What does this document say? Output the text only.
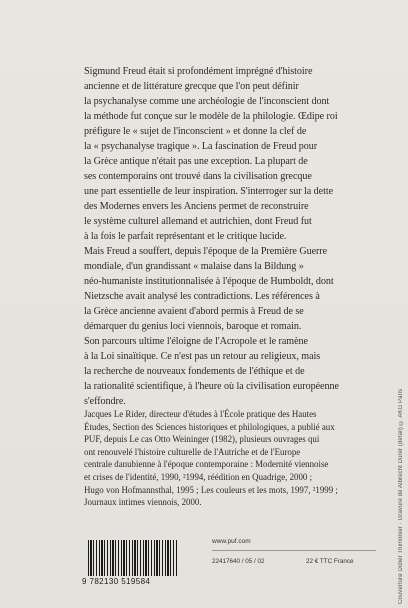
Sigmund Freud était si profondément imprégné d'histoire

ancienne et de littérature grecque que l'on peut définir

la psychanalyse comme une archéologie de l'inconscient dont

la méthode fut conçue sur le modèle de la philologie. Œdipe roi

préfigure le « sujet de l'inconscient » et donne la clef de

la « psychanalyse tragique ». La fascination de Freud pour

la Grèce antique n'était pas une exception. La plupart de

ses contemporains ont trouvé dans la civilisation grecque

une part essentielle de leur inspiration. S'interroger sur la dette

des Modernes envers les Anciens permet de reconstruire

le système culturel allemand et autrichien, dont Freud fut

à la fois le parfait représentant et le critique lucide.

Mais Freud a souffert, depuis l'époque de la Première Guerre

mondiale, d'un grandissant « malaise dans la Bildung »

néo-humaniste institutionnalisée à l'époque de Humboldt, dont

Nietzsche avait analysé les contradictions. Les références à

la Grèce ancienne avaient d'abord permis à Freud de se

démarquer du genius loci viennois, baroque et romain.

Son parcours ultime l'éloigne de l'Acropole et le ramène

à la Loi sinaïtique. Ce n'est pas un retour au religieux, mais

la recherche de nouveaux fondements de l'éthique et de

la rationalité scientifique, à l'heure où la civilisation européenne

s'effondre.

Jacques Le Rider, directeur d'études à l'École pratique des Hautes

Études, Section des Sciences historiques et philologiques, a publié aux

PUF, depuis Le cas Otto Weininger (1982), plusieurs ouvrages qui

ont renouvelé l'histoire culturelle de l'Autriche et de l'Europe

centrale danubienne à l'époque contemporaine : Modernité viennoise

et crises de l'identité, 1990, ²1994, réédition en Quadrige, 2000 ;

Hugo von Hofmannsthal, 1995 ; Les couleurs et les mots, 1997, ²1999 ;

Journaux intimes viennois, 2000.	Couverture Didier Thimonier · Gravure de Albrecht Dürer (détail) © AKG Paris
9 782130 519584
www.puf.com
22417640 / 05 / 02	22 € TTC France
